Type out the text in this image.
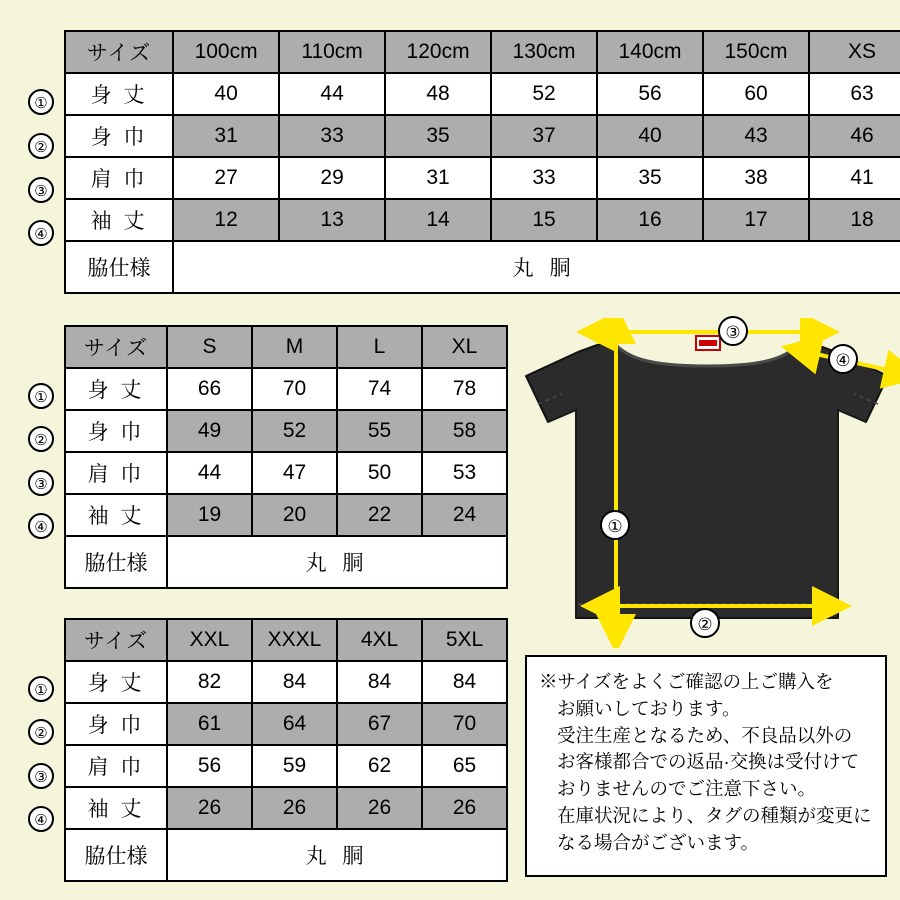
サイズ	100cm	110cm	120cm	130cm	140cm	150cm	XS
身 丈	40	44	48	52	56	60	63
身 巾	31	33	35	37	40	43	46
肩 巾	27	29	31	33	35	38	41
袖 丈	12	13	14	15	16	17	18
脇仕様	丸 胴						
①
②
③
④
サイズ	S	M	L	XL
身 丈	66	70	74	78
身 巾	49	52	55	58
肩 巾	44	47	50	53
袖 丈	19	20	22	24
脇仕様	丸 胴			
①
②
③
④
サイズ	XXL	XXXL	4XL	5XL
身 丈	82	84	84	84
身 巾	61	64	67	70
肩 巾	56	59	62	65
袖 丈	26	26	26	26
脇仕様	丸 胴			
①
②
③
④
①
②
③
④

※サイズをよくご確認の上ご購入を

お願いしております。

受注生産となるため、不良品以外の

お客様都合での返品·交換は受付けて

おりませんのでご注意下さい。

在庫状況により、タグの種類が変更に

なる場合がございます。
